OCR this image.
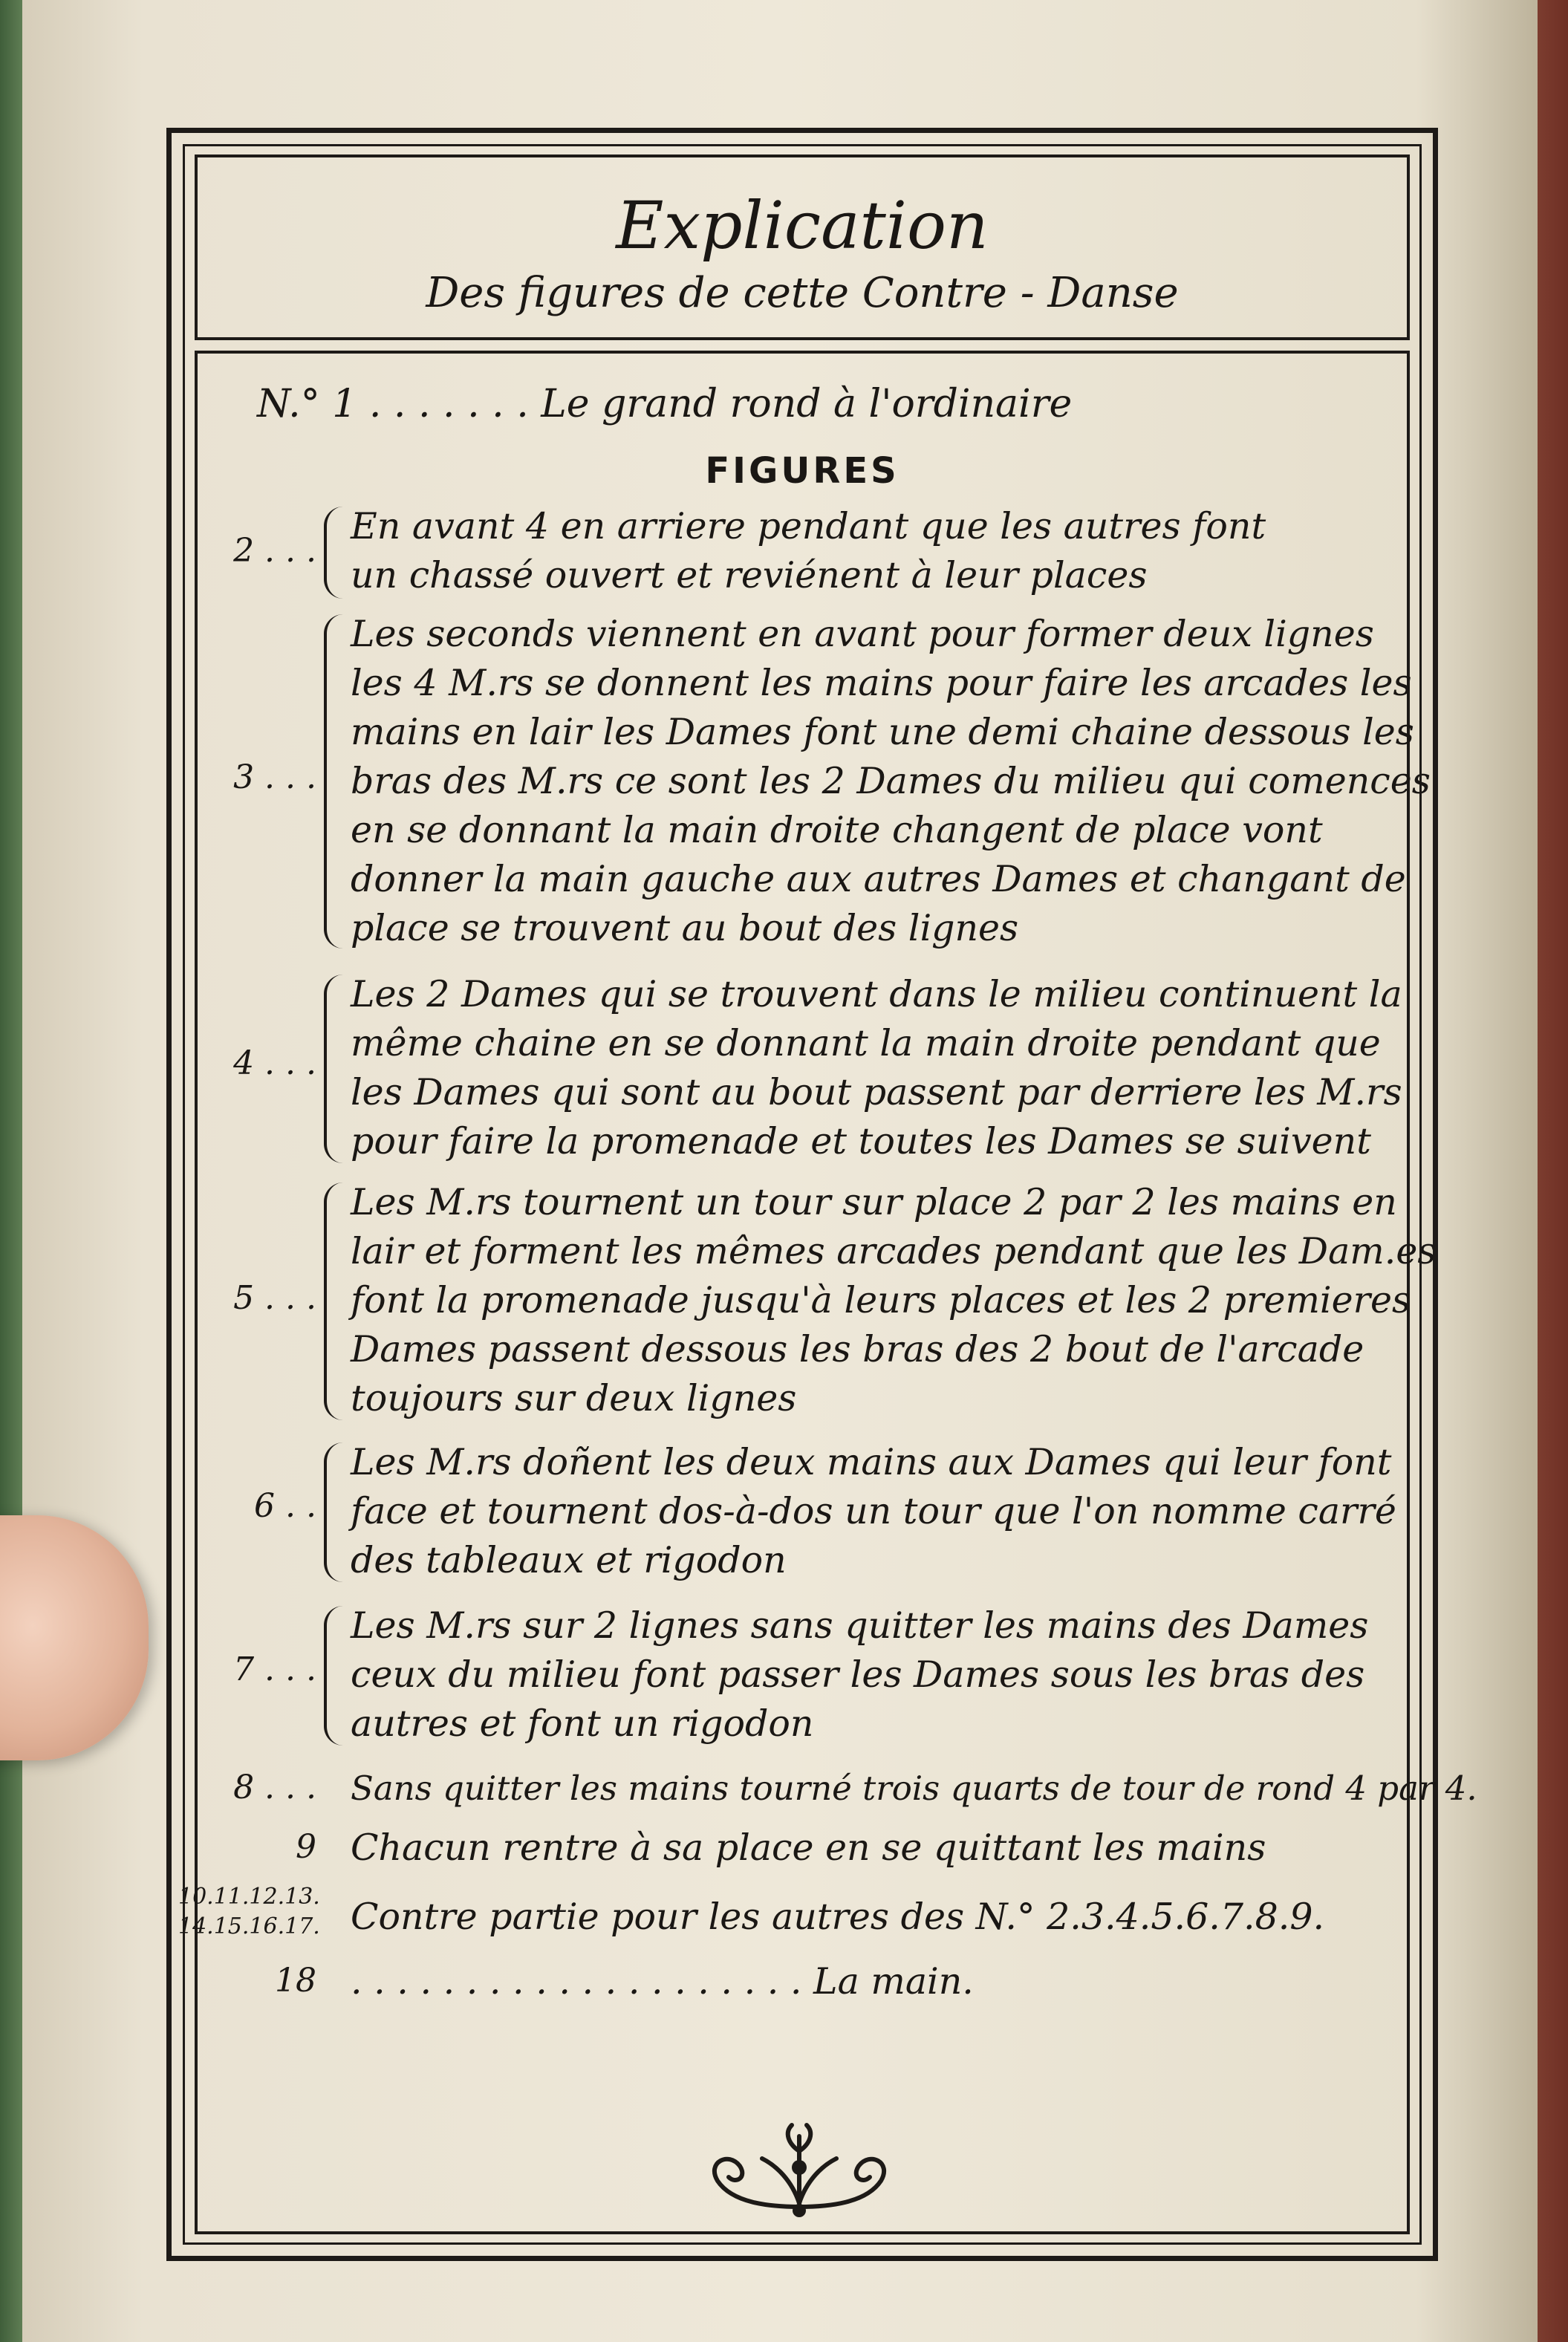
Explication
Des figures de cette Contre - Danse
N.° 1 . . . . . . . Le grand rond à l'ordinaire
FIGURES
2 . . .
En avant 4 en arriere pendant que les autres font
un chassé ouvert et reviénent à leur places
3 . . .
Les seconds viennent en avant pour former deux lignes
les 4 M.rs se donnent les mains pour faire les arcades les
mains en lair les Dames font une demi chaine dessous les
bras des M.rs ce sont les 2 Dames du milieu qui comences
en se donnant la main droite changent de place vont
donner la main gauche aux autres Dames et changant de
place se trouvent au bout des lignes
4 . . .
Les 2 Dames qui se trouvent dans le milieu continuent la
même chaine en se donnant la main droite pendant que
les Dames qui sont au bout passent par derriere les M.rs
pour faire la promenade et toutes les Dames se suivent
5 . . .
Les M.rs tournent un tour sur place 2 par 2 les mains en
lair et forment les mêmes arcades pendant que les Dam.es
font la promenade jusqu'à leurs places et les 2 premieres
Dames passent dessous les bras des 2 bout de l'arcade
toujours sur deux lignes
6 . .
Les M.rs doñent les deux mains aux Dames qui leur font
face et tournent dos-à-dos un tour que l'on nomme carré
des tableaux et rigodon
7 . . .
Les M.rs sur 2 lignes sans quitter les mains des Dames
ceux du milieu font passer les Dames sous les bras des
autres et font un rigodon
8 . . . Sans quitter les mains tourné trois quarts de tour de rond 4 par 4.
9 Chacun rentre à sa place en se quittant les mains
10.11.12.13.
14.15.16.17. Contre partie pour les autres des N.° 2.3.4.5.6.7.8.9.
18 . . . . . . . . . . . . . . . . . . . . La main.
